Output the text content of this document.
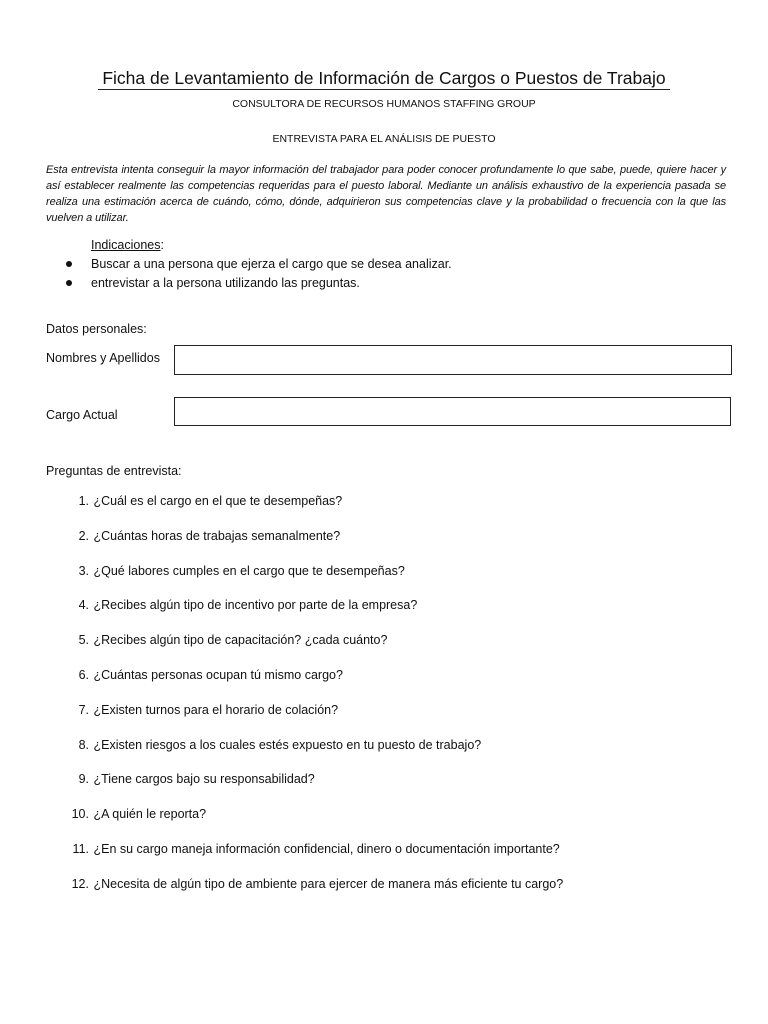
Ficha de Levantamiento de Información de Cargos o Puestos de Trabajo
CONSULTORA DE RECURSOS HUMANOS STAFFING GROUP
ENTREVISTA PARA EL ANÁLISIS DE PUESTO
Esta entrevista intenta conseguir la mayor información del trabajador para poder conocer profundamente lo que sabe, puede, quiere hacer y así establecer realmente las competencias requeridas para el puesto laboral. Mediante un análisis exhaustivo de la experiencia pasada se realiza una estimación acerca de cuándo, cómo, dónde, adquirieron sus competencias clave y la probabilidad o frecuencia con la que las vuelven a utilizar.
Indicaciones:
Buscar a una persona que ejerza el cargo que se desea analizar.
entrevistar a la persona utilizando las preguntas.
Datos personales:
Nombres y Apellidos
Cargo Actual
Preguntas de entrevista:
1. ¿Cuál es el cargo en el que te desempeñas?
2. ¿Cuántas horas de trabajas semanalmente?
3. ¿Qué labores cumples en el cargo que te desempeñas?
4. ¿Recibes algún tipo de incentivo por parte de la empresa?
5. ¿Recibes algún tipo de capacitación? ¿cada cuánto?
6. ¿Cuántas personas ocupan tú mismo cargo?
7. ¿Existen turnos para el horario de colación?
8. ¿Existen riesgos a los cuales estés expuesto en tu puesto de trabajo?
9. ¿Tiene cargos bajo su responsabilidad?
10. ¿A quién le reporta?
11. ¿En su cargo maneja información confidencial, dinero o documentación importante?
12. ¿Necesita de algún tipo de ambiente para ejercer de manera más eficiente tu cargo?
